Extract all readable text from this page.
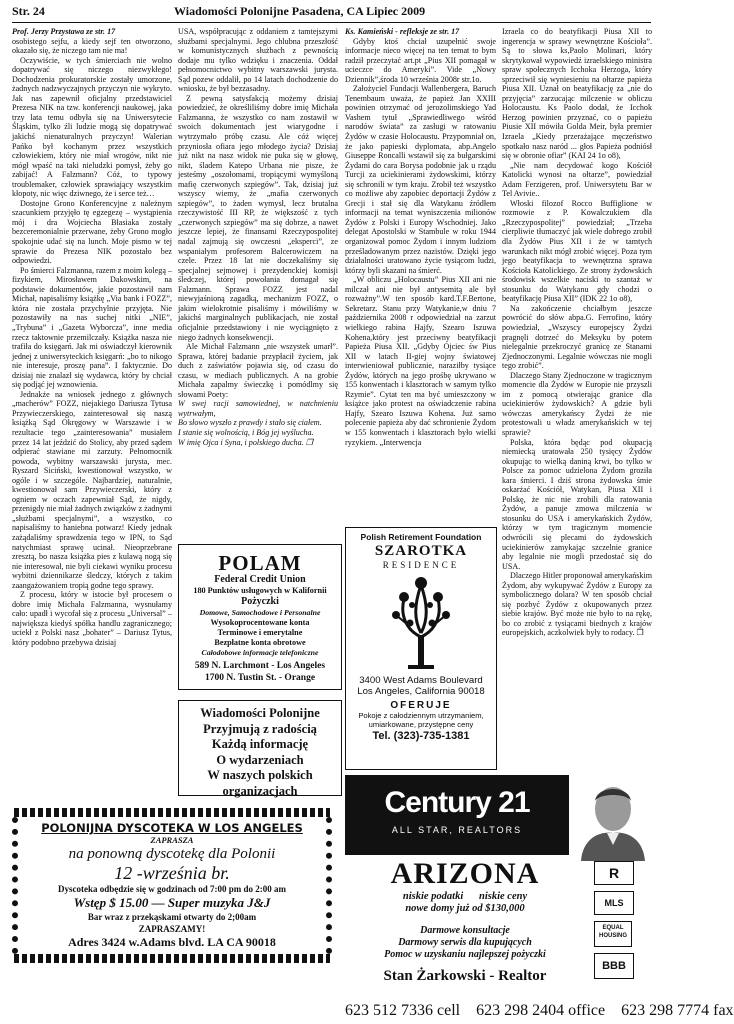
Str. 24	Wiadomości Polonijne Pasadena, CA Lipiec 2009

Prof. Jerzy Przystawa ze str. 17

osobistego sejfu, a kiedy sejf ten otworzono, okazało się, że niczego tam nie ma!

Oczywiście, w tych śmierciach nie wolno dopatrywać się niczego niezwykłego! Dochodzenia prokuratorskie zostały umorzone, żadnych nadzwyczajnych przyczyn nie wykryto. Jak nas zapewnił oficjalny przedstawiciel Prezesa NIK na tzw. konferencji naukowej, jaka trzy lata temu odbyła się na Uniwersytecie Śląskim, tylko źli ludzie mogą się dopatrywać jakichś nienaturalnych przyczyn! Walerian Pańko był kochanym przez wszystkich człowiekiem, który nie miał wrogów, nikt nie mógł wpaść na taki nieludzki pomysł, żeby go zabijać! A Falzmann? Cóż, to typowy troublemaker, człowiek sprawiający wszystkim kłopoty, nic więc dziwnego, że i serce też…

Dostojne Grono Konferencyjne z należnym szacunkiem przyjęło tę egzegezę – wystąpienia mój i dra Wojciecha Błasiaka zostały bezceremonialnie przerwane, żeby Grono mogło spokojnie udać się na lunch. Moje pismo w tej sprawie do Prezesa NIK pozostało bez odpowiedzi.

Po śmierci Falzmanna, razem z moim kolegą – fizykiem, Mirosławem Dakowskim, na podstawie dokumentów, jakie pozostawił nam Michał, napisaliśmy książkę „Via bank i FOZZ”, która nie została przychylnie przyjęta. Nie pozostawiły na nas suchej nitki „NIE”, „Trybuna” i „Gazeta Wyborcza”, inne media rzecz taktownie przemilczały. Książka nasza nie trafiła do księgarń. Jak mi oświadczył kierownik jednej z uniwersyteckich księgarń: „bo to nikogo nie interesuje, proszę pana”. I faktycznie. Do dzisiaj nie znalazł się wydawca, który by chciał się podjąć jej wznowienia.

Jednakże na wniosek jednego z głównych „macherów” FOZZ, niejakiego Dariusza Tytusa Przywieczerskiego, zainteresował się naszą książką Sąd Okręgowy w Warszawie i w rezultacie tego „zainteresowania” musiałem przez 14 lat jeździć do Stolicy, aby przed sądem odpierać stawiane mi zarzuty. Pełnomocnik powoda, wybitny warszawski jurysta, mec. Ryszard Siciński, kwestionował wszystko, w ogóle i w szczególe. Najbardziej, naturalnie, kwestionował sam Przywieczerski, który z ogniem w oczach zapewniał Sąd, że nigdy, przenigdy nie miał żadnych związków z żadnymi „służbami specjalnymi”, a wszystko, co napisaliśmy to haniebna potwarz! Kiedy jednak zażądaliśmy sprawdzenia tego w IPN, to Sąd natychmiast sprawę ucinał. Nieoprzebrane zresztą, bo nasza książka pies z kulawą nogą się nie interesował, nie byli ciekawi wyniku procesu wybitni dziennikarze śledczy, których z takim zaangażowaniem tropią godne tego sprawy.

Z procesu, który w istocie był procesem o dobre imię Michała Falzmanna, wysnułamy cało: upadł i wycofał się z procesu „Universal” – największa kiedyś spółka handlu zagranicznego; uciekł z Polski nasz „bohater” – Dariusz Tytus, który podobno przebywa dzisiaj

USA, współpracując z oddaniem z tamtejszymi służbami specjalnymi. Jego chlubna przeszłość w komunistycznych służbach z pewnością dodaje mu tylko wdzięku i znaczenia. Oddał pełnomocnictwo wybitny warszawski jurysta. Sąd pozew oddalił, po 14 latach dochodzenie do wniosku, że był bezzasadny.

Z pewną satysfakcją możemy dzisiaj powiedzieć, że określiliśmy dobre imię Michała Falzmanna, że wszystko co nam zostawił w swoich dokumentach jest wiarygodne i wytrzymało próbę czasu. Ale cóż więcej przyniosła ofiara jego młodego życia? Dzisiaj już nikt na nasz widok nie puka się w głowę, nikt, śladem Katepo Urbana nie pisze, że jesteśmy „oszołomami, tropiącymi wymyśloną mafię czerwonych szpiegów”. Tak, dzisiaj już wszyscy wiemy, że „mafia czerwonych szpiegów”, to żaden wymysł, lecz brutalna rzeczywistość III RP, że większość z tych „czerwonych szpiegów” ma się dobrze, a nawet jeszcze lepiej, że finansami Rzeczypospolitej nadal zajmują się owczesni „eksperci”, ze wspaniałym profesorem Balcerowiczem na czele. Przez 18 lat nie doczekaliśmy się specjalnej sejmowej i prezydenckiej komisji śledczej, której powołania domagał się Falzmann. Sprawa FOZZ jest nadal niewyjaśnioną zagadką, mechanizm FOZZ, o jakim wielokrotnie pisaliśmy i mówiliśmy w jakichś marginalnych publikacjach, nie został oficjalnie przedstawiony i nie wyciągnięto z niego żadnych konsekwencji.

Ale Michał Falzmann „nie wszystek umarł”. Sprawa, której badanie przypłacił życiem, jak duch z zaświatów pojawia się, od czasu do czasu, w mediach publicznych. A na grobie Michała zapalmy świeczkę i pomódlmy się słowami Poety:

W swej racji samowiednej, w natchnieniu wytrwałym,

Bo słowo wyszło z prawdy i stało się ciałem.

I stanie się wolnością, i Bóg jej wyślucha.

W imię Ojca i Syna, i polskiego ducha. ❐

Ks. Kamieński - refleksje ze str. 17

Gdyby ktoś chciał uzupełnić swoje informacje nieco więcej na ten temat to bym radził przeczytać art.pt „Pius XII pomagał w ucieczce do Ameryki”. Vide „Nowy Dziennik”,środa 10 września 2008r str.1o.

Założyciel Fundacji Wallenbergera, Baruch Tenembaum uważa, że papież Jan XXIII powinien otrzymać od jerozolimskiego Yad Vashem tytuł „Sprawiedliwego wśród narodów świata” za zasługi w ratowaniu Żydów w czasie Holocaustu. Przypomniał on, że jako papieski dyplomata, abp.Angelo Giuseppe Roncalli wstawił się za bułgarskimi Żydami do cara Borysa podobnie jak u rządu Turcji za uciekinierami żydowskimi, którzy się schronili w tym kraju. Zrobił też wszystko co możliwe aby zapobiec deportacji Żydów z Grecji i stał się dla Watykanu źródłem informacji na temat wyniszczenia milionów Żydów z Polski i Europy Wschodniej. Jako delegat Apostolski w Stambule w roku 1944 organizował pomoc Żydom i innym ludziom prześladowanym przez nazistów. Dzięki jego działalności uratowano życie tysiącom ludzi, którzy byli skazani na śmierć.

„W obliczu „Holocaustu” Pius XII ani nie milczał ani nie był antysemitą ale był rozważny”.W ten sposób kard.T.F.Bertone, Sekretarz. Stanu przy Watykanie,w dniu 7 października 2008 r odpowiedział na zarzut wielkiego rabina Hajfy, Szearo Iszuwa Kohena,który jest przeciwny beatyfikacji Papieża Piusa XII. „Gdyby Ojciec św Pius XII w latach II-giej wojny światowej interwieniował publicznie, naraziłby tysiące Żydów, których na jego prośbę ukrywano w 155 konwentach i klasztorach w samym tylko Rzymie”. Cytat ten ma być umieszczony w książce jako protest na oświadczenie rabina Hajfy, Szearo Iszuwa Kohena. Już samo polecenie papieża aby dać schronienie Żydom w 155 konwentach i klasztorach było wielki ryzykiem. „Interwencja

Izraela co do beatyfikacji Piusa XII to ingerencja w sprawy wewnętrzne Kościoła”. Są to słowa ks,Paolo Molinari, który skrytykował wypowiedź izraelskiego ministra spraw społecznych Icchoka Herzoga, który sprzeciwił się wyniesieniu na ołtarze papieża Piusa XII. Uznał on beatyfikację za „nie do przyjęcia” zarzucając milczenie w obliczu Holocaustu. Ks Paolo dodał, że Icchok Herzog powinien przyznać, co o papieżu Piusie XII mówiła Golda Meir, była premier Izraela „Kiedy przerażające męczeństwo spotkało nasz naród ... głos Papieża podniósł się w obronie ofiar” (KAI 24 1o o8),

„Nie nam decydować kogo Kościół Katolicki wynosi na ołtarze”, powiedział Adam Ferzigeren, prof. Uniwersytetu Bar w Tel Avivie..

Włoski filozof Rocco Buffiglione w rozmowie z P. Kowalczukiem dla „Rzeczypospolitej” powiedział; „Trzeba cierpliwie tłumaczyć jak wiele dobrego zrobił dla Żydów Pius XII i że w tamtych warunkach nikt mógł zrobić więcej. Poza tym jego beatyfikacja to wewnętrzna sprawa Kościoła Katolickiego. Ze strony żydowskich środowisk wszelkie naciski to szantaż w stosunku do Watykanu gdy chodzi o beatyfikację Piusa XII” (IDK 22 1o o8),

Na zakończenie chciałbym jeszcze powrócić do słów abpa.G. Ferrofino, który powiedział, „Wszyscy europejscy Żydzi pragnęli dotrzeć do Meksyku by potem nielegalnie przekroczyć granicę ze Stanami Zjednoczonymi. Legalnie wówczas nie mogli tego zrobić”.

Dlaczego Stany Zjednoczone w tragicznym momencie dla Żydów w Europie nie przyszli im z pomocą otwierając granice dla uciekinierów żydowskich? A gdzie byli wówczas amerykańscy Żydzi że nie protestowali u władz amerykańskich w tej sprawie?

Polska, która będąc pod okupacją niemiecką uratowała 250 tysięcy Żydów okupując to wielką daniną krwi, bo tylko w Polsce za pomoc udzielona Żydom groziła kara śmierci. I dziś strona żydowska śmie oskarżać Kościół, Watykan, Piusa XII i Polskę, że nic nie zrobili dla ratowania Żydów, a panuje zmowa milczenia w stosunku do USA i amerykańskich Żydów, którzy w tym tragicznym momencie odwrócili się plecami do żydowskich uciekinierów zamykając szczelnie granice aby legalnie nie mogli przedostać się do USA.

Dlaczego Hitler proponował amerykańskim Żydom, aby wykupywać Żydów z Europy za symbolicznego dolara? W ten sposób chciał się pozbyć Żydów z okupowanych przez siebie krajów. Być może nie było to na rękę, bo co zrobić z tysiącami biednych z krajów europejskich, aczkolwiek były to rodacy. ❐

POLAM
Federal Credit Union
180 Punktów usługowych w Kalifornii
Pożyczki
Domowe, Samochodowe i Personalne
Wysokoprocentowane konta
Terminowe i emerytalne
Bezpłatne konta obrotowe
Całodobowe informacje telefoniczne
589 N. Larchmont - Los Angeles
1700 N. Tustin St. - Orange
Wiadomości Polonijne
Przyjmują z radością
Każdą informację
O wydarzeniach
W naszych polskich
organizacjach
Polish Retirement Foundation
SZAROTKA
RESIDENCE
3400 West Adams Boulevard
Los Angeles, California 90018
OFERUJE
Pokoje z całodziennym utrzymaniem,
umiarkowane, przystępne ceny
Tel. (323)-735-1381
POLONIJNA DYSCOTEKA W LOS ANGELES
ZAPRASZA
na ponowną dyscotekę dla Polonii
12 -września br.
Dyscoteka odbędzie się w godzinach od 7:00 pm do 2:00 am
Wstęp $ 15.00 — Super muzyka J&J
Bar wraz z przekąskami otwarty do 2;00am
ZAPRASZAMY!
Adres 3424 w.Adams blvd. LA CA 90018
Century 21
ALL STAR, REALTORS
ARIZONA
niskie podatki      niskie ceny
nowe domy już od $130,000
Darmowe konsultacje
Darmowy serwis dla kupujących
Pomoc w uzyskaniu najlepszej pożyczki
Stan Żarkowski - Realtor
623 512 7336 cell    623 298 2404 office    623 298 7774 fax
R
MLS
EQUAL HOUSING
BBB
